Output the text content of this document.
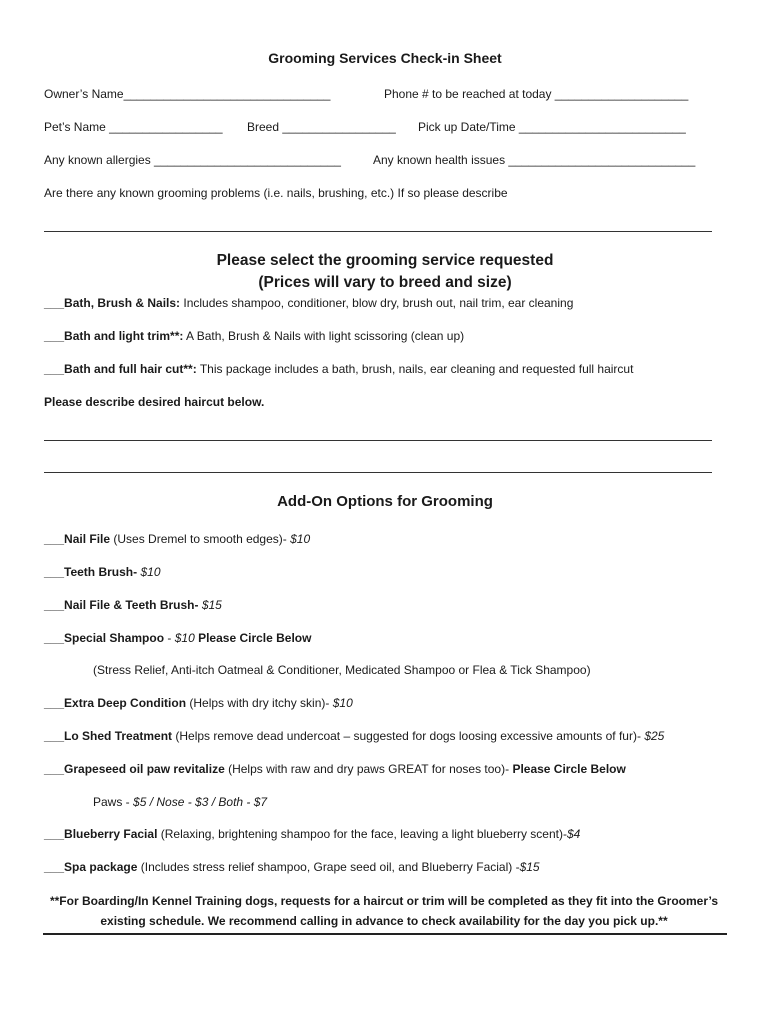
Grooming Services Check-in Sheet
Owner’s Name_______________________________	Phone # to be reached at today ____________________
Pet’s Name _________________ Breed _________________ Pick up Date/Time _________________________
Any known allergies ____________________________	Any known health issues ____________________________
Are there any known grooming problems (i.e. nails, brushing, etc.) If so please describe
Please select the grooming service requested
(Prices will vary to breed and size)
___Bath, Brush & Nails: Includes shampoo, conditioner, blow dry, brush out, nail trim, ear cleaning
___Bath and light trim**: A Bath, Brush & Nails with light scissoring (clean up)
___Bath and full hair cut**: This package includes a bath, brush, nails, ear cleaning and requested full haircut
Please describe desired haircut below.
Add-On Options for Grooming
___Nail File (Uses Dremel to smooth edges)- $10
___Teeth Brush- $10
___Nail File & Teeth Brush- $15
___Special Shampoo - $10 Please Circle Below
(Stress Relief, Anti-itch Oatmeal & Conditioner, Medicated Shampoo or Flea & Tick Shampoo)
___Extra Deep Condition (Helps with dry itchy skin)- $10
___Lo Shed Treatment (Helps remove dead undercoat – suggested for dogs loosing excessive amounts of fur)- $25
___Grapeseed oil paw revitalize (Helps with raw and dry paws GREAT for noses too)- Please Circle Below
Paws - $5 / Nose - $3 / Both - $7
___Blueberry Facial (Relaxing, brightening shampoo for the face, leaving a light blueberry scent)-$4
___Spa package (Includes stress relief shampoo, Grape seed oil, and Blueberry Facial) -$15
**For Boarding/In Kennel Training dogs, requests for a haircut or trim will be completed as they fit into the Groomer’s
existing schedule. We recommend calling in advance to check availability for the day you pick up.**
